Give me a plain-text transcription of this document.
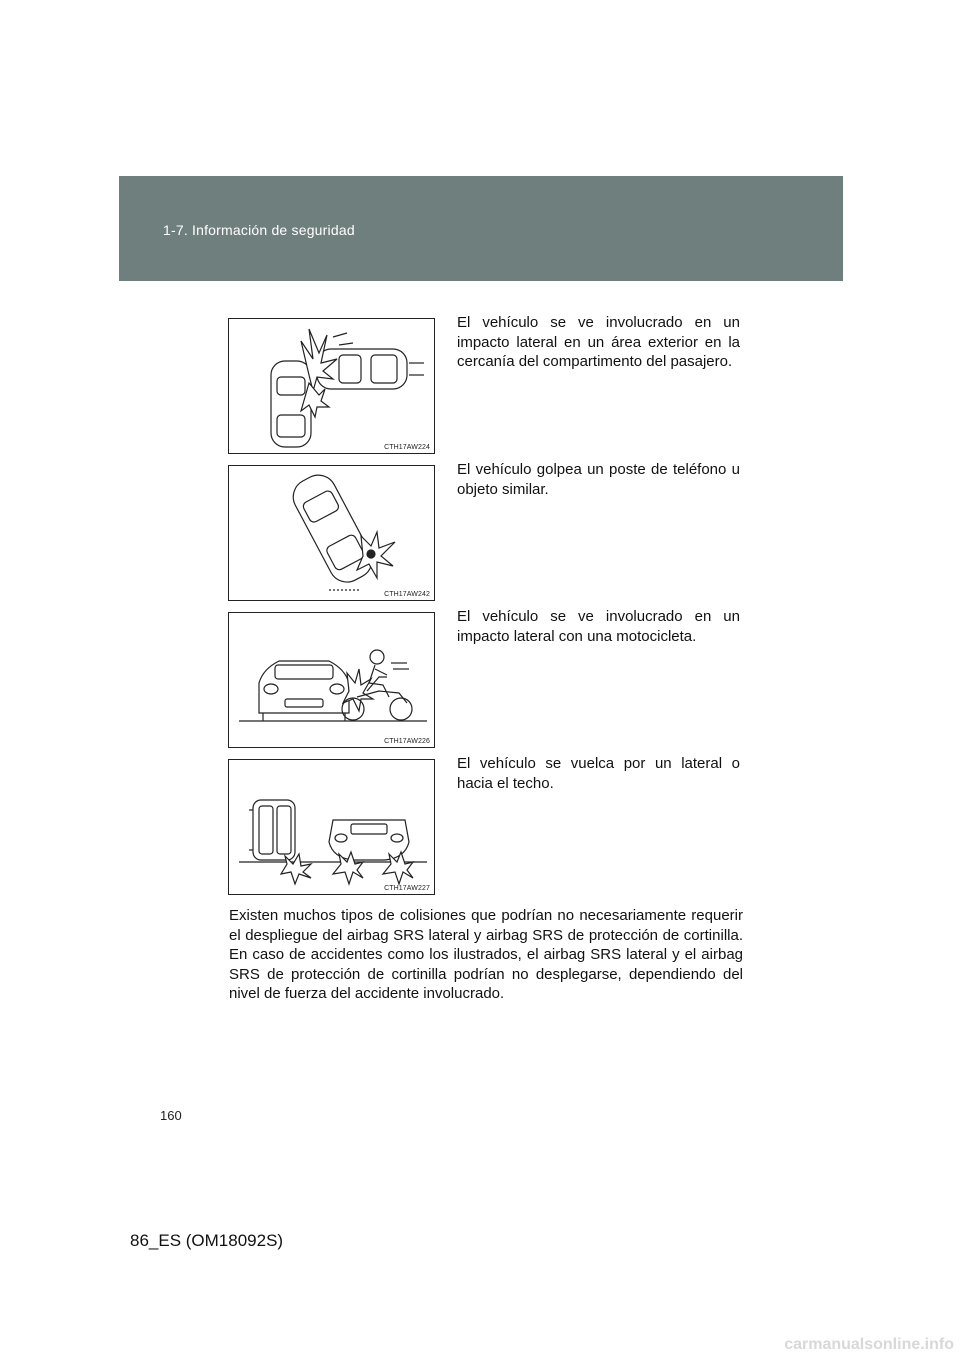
1-7. Información de seguridad
CTH17AW224
El vehículo se ve involucrado en un impacto lateral en un área exterior en la cercanía del compartimento del pasajero.
CTH17AW242
El vehículo golpea un poste de teléfono u objeto similar.
CTH17AW226
El vehículo se ve involucrado en un impacto lateral con una motocicleta.
CTH17AW227
El vehículo se vuelca por un lateral o hacia el techo.
Existen muchos tipos de colisiones que podrían no necesariamente requerir el despliegue del airbag SRS lateral y airbag SRS de protección de cortinilla. En caso de accidentes como los ilustrados, el airbag SRS lateral y el airbag SRS de protección de cortinilla podrían no desplegarse, dependiendo del nivel de fuerza del accidente involucrado.
160
86_ES (OM18092S)
carmanualsonline.info
